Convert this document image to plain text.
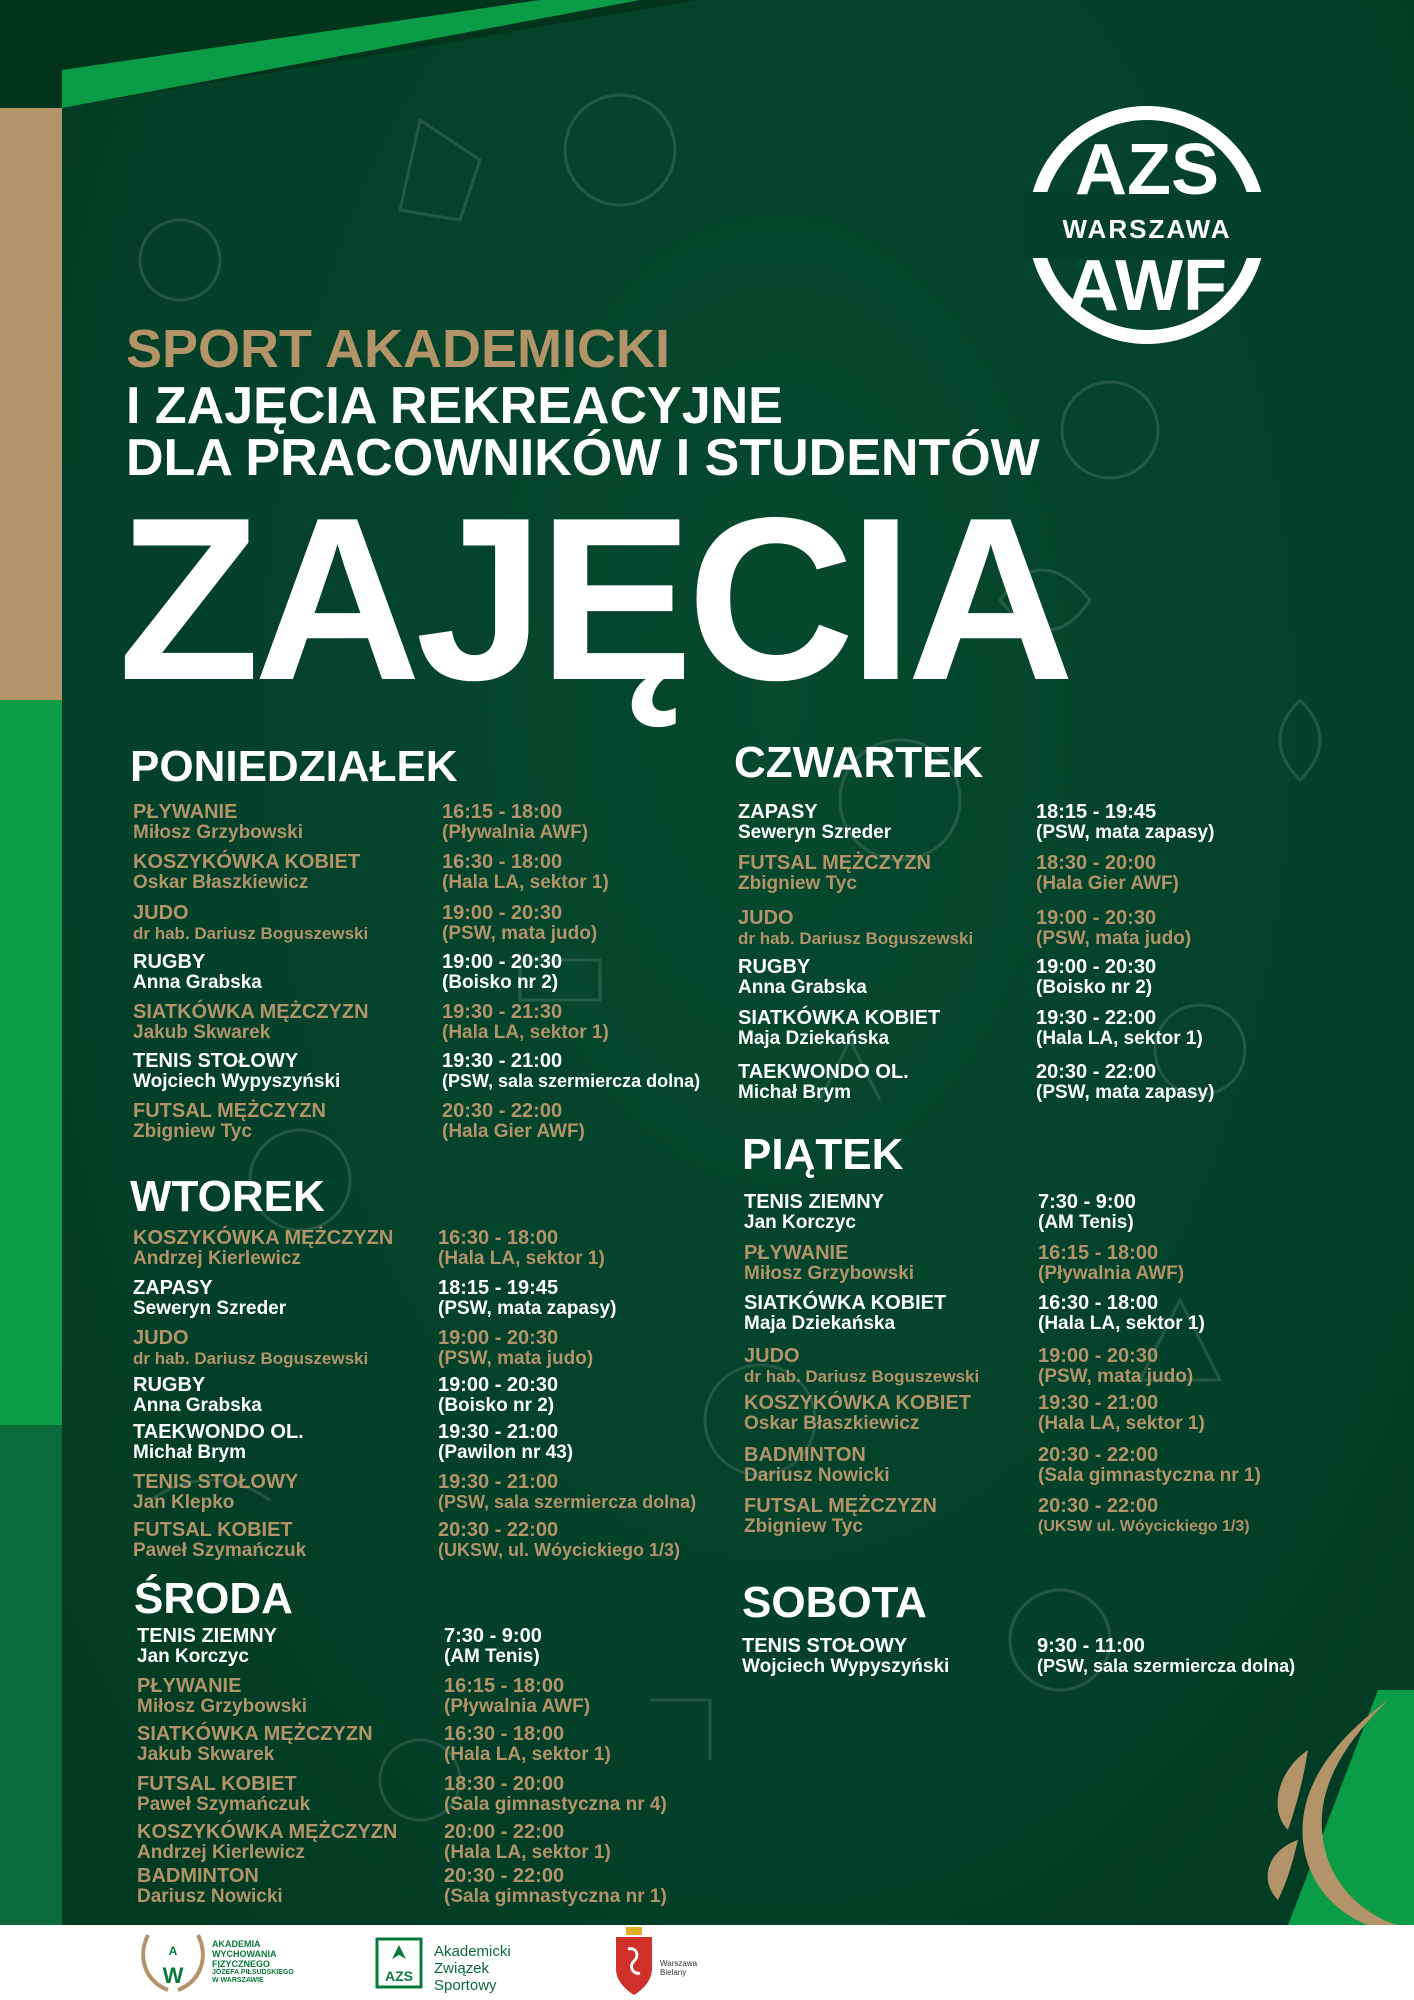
AZS
WARSZAWA
AWF
SPORT AKADEMICKI
I ZAJĘCIA REKREACYJNE
DLA PRACOWNIKÓW I STUDENTÓW
ZAJĘCIA
PONIEDZIAŁEK
PŁYWANIE
Miłosz Grzybowski
16:15 - 18:00
(Pływalnia AWF)
KOSZYKÓWKA KOBIET
Oskar Błaszkiewicz
16:30 - 18:00
(Hala LA, sektor 1)
JUDO
dr hab. Dariusz Boguszewski
19:00 - 20:30
(PSW, mata judo)
RUGBY
Anna Grabska
19:00 - 20:30
(Boisko nr 2)
SIATKÓWKA MĘŻCZYZN
Jakub Skwarek
19:30 - 21:30
(Hala LA, sektor 1)
TENIS STOŁOWY
Wojciech Wypyszyński
19:30 - 21:00
(PSW, sala szermiercza dolna)
FUTSAL MĘŻCZYZN
Zbigniew Tyc
20:30 - 22:00
(Hala Gier AWF)
WTOREK
KOSZYKÓWKA MĘŻCZYZN
Andrzej Kierlewicz
16:30 - 18:00
(Hala LA, sektor 1)
ZAPASY
Seweryn Szreder
18:15 - 19:45
(PSW, mata zapasy)
JUDO
dr hab. Dariusz Boguszewski
19:00 - 20:30
(PSW, mata judo)
RUGBY
Anna Grabska
19:00 - 20:30
(Boisko nr 2)
TAEKWONDO OL.
Michał Brym
19:30 - 21:00
(Pawilon nr 43)
TENIS STOŁOWY
Jan Klepko
19:30 - 21:00
(PSW, sala szermiercza dolna)
FUTSAL KOBIET
Paweł Szymańczuk
20:30 - 22:00
(UKSW, ul. Wóycickiego 1/3)
ŚRODA
TENIS ZIEMNY
Jan Korczyc
7:30 - 9:00
(AM Tenis)
PŁYWANIE
Miłosz Grzybowski
16:15 - 18:00
(Pływalnia AWF)
SIATKÓWKA MĘŻCZYZN
Jakub Skwarek
16:30 - 18:00
(Hala LA, sektor 1)
FUTSAL KOBIET
Paweł Szymańczuk
18:30 - 20:00
(Sala gimnastyczna nr 4)
KOSZYKÓWKA MĘŻCZYZN
Andrzej Kierlewicz
20:00 - 22:00
(Hala LA, sektor 1)
BADMINTON
Dariusz Nowicki
20:30 - 22:00
(Sala gimnastyczna nr 1)
CZWARTEK
ZAPASY
Seweryn Szreder
18:15 - 19:45
(PSW, mata zapasy)
FUTSAL MĘŻCZYZN
Zbigniew Tyc
18:30 - 20:00
(Hala Gier AWF)
JUDO
dr hab. Dariusz Boguszewski
19:00 - 20:30
(PSW, mata judo)
RUGBY
Anna Grabska
19:00 - 20:30
(Boisko nr 2)
SIATKÓWKA KOBIET
Maja Dziekańska
19:30 - 22:00
(Hala LA, sektor 1)
TAEKWONDO OL.
Michał Brym
20:30 - 22:00
(PSW, mata zapasy)
PIĄTEK
TENIS ZIEMNY
Jan Korczyc
7:30 - 9:00
(AM Tenis)
PŁYWANIE
Miłosz Grzybowski
16:15 - 18:00
(Pływalnia AWF)
SIATKÓWKA KOBIET
Maja Dziekańska
16:30 - 18:00
(Hala LA, sektor 1)
JUDO
dr hab. Dariusz Boguszewski
19:00 - 20:30
(PSW, mata judo)
KOSZYKÓWKA KOBIET
Oskar Błaszkiewicz
19:30 - 21:00
(Hala LA, sektor 1)
BADMINTON
Dariusz Nowicki
20:30 - 22:00
(Sala gimnastyczna nr 1)
FUTSAL MĘŻCZYZN
Zbigniew Tyc
20:30 - 22:00
(UKSW ul. Wóycickiego 1/3)
SOBOTA
TENIS STOŁOWY
Wojciech Wypyszyński
9:30 - 11:00
(PSW, sala szermiercza dolna)
A
W
AKADEMIA
WYCHOWANIA
FIZYCZNEGO
JÓZEFA PIŁSUDSKIEGO
W WARSZAWIE	AZS
Akademicki
Związek
Sportowy
Warszawa
Bielany
